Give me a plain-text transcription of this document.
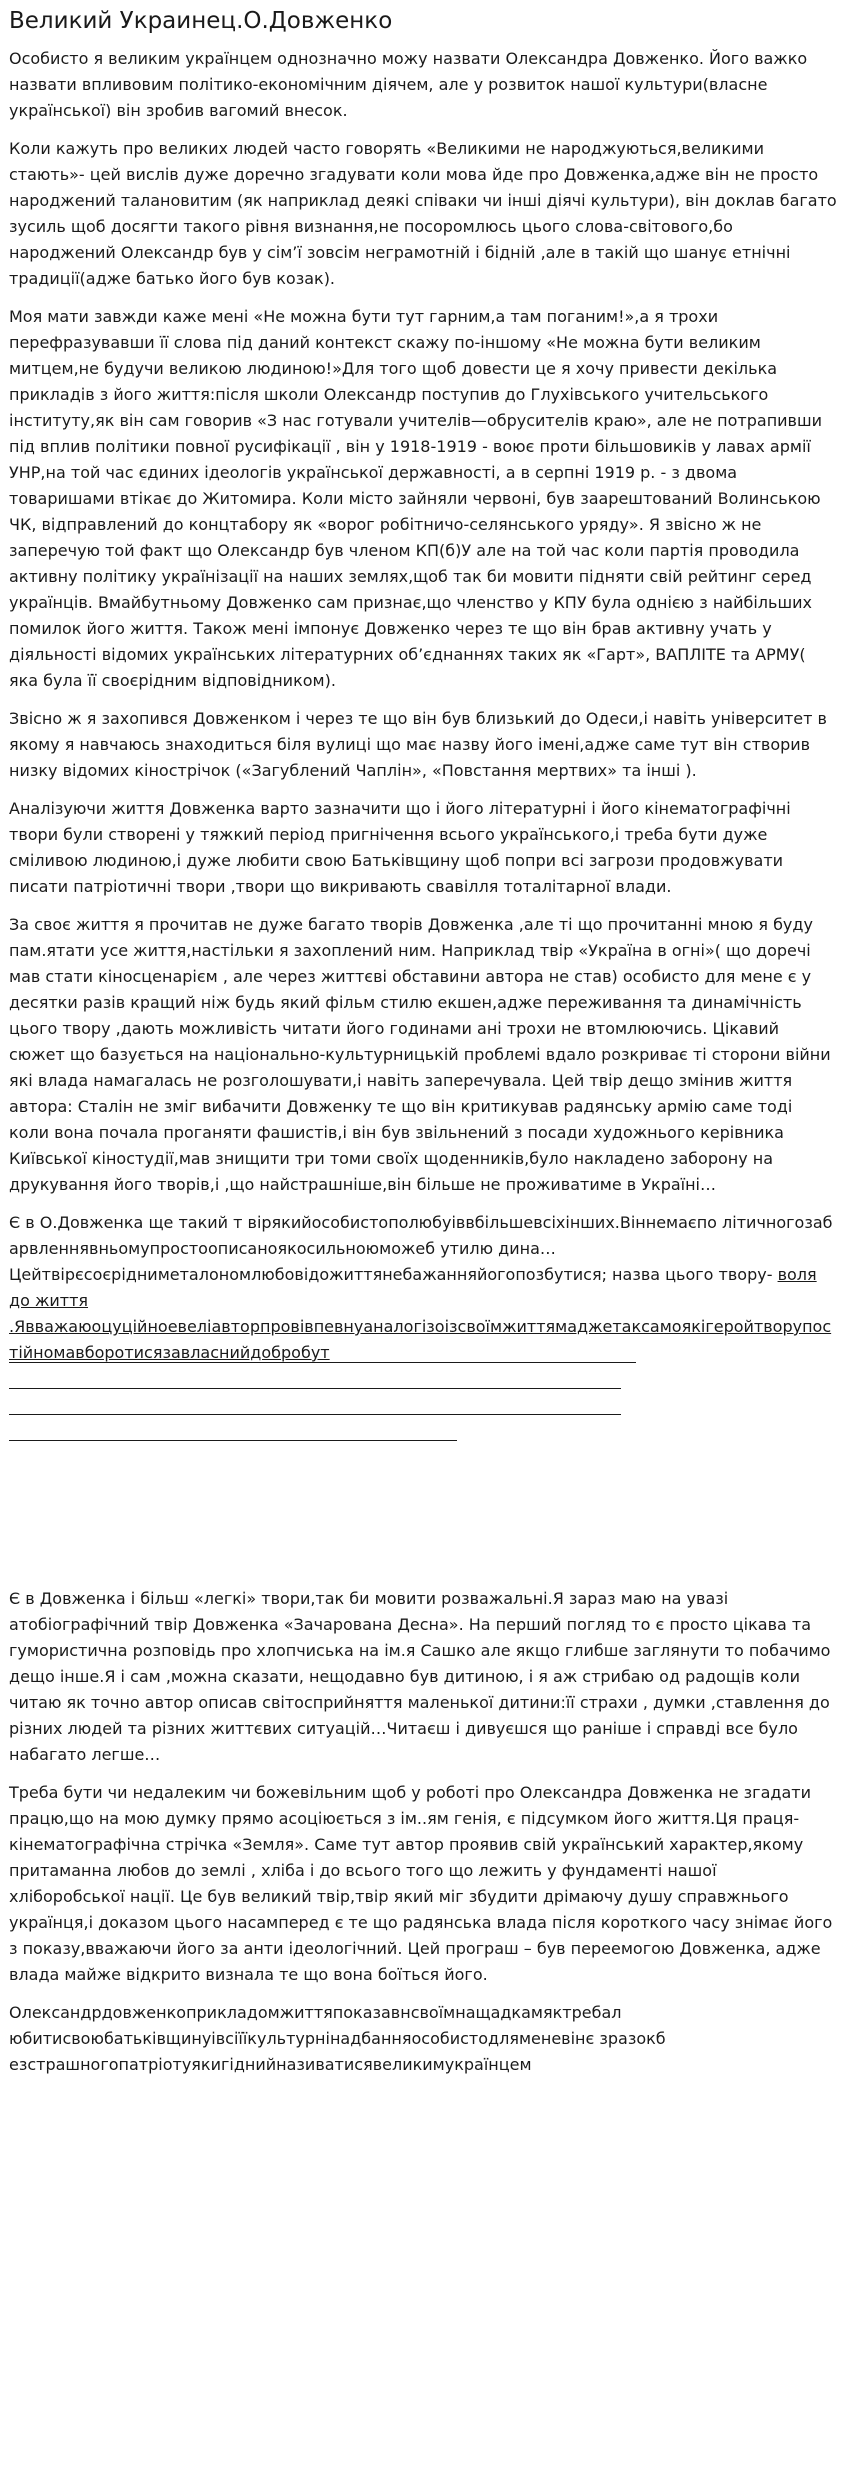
Великий Украинец.О.Довженко

Особисто я великим українцем однозначно можу назвати Олександра Довженко. Його важко назвати впливовим політико-економічним діячем, але у розвиток нашої культури(власне української) він зробив вагомий внесок.

Коли кажуть про великих людей часто говорять «Великими не народжуються,великими стають»- цей вислів дуже доречно згадувати коли мова йде про Довженка,адже він не просто народжений талановитим (як наприклад деякі співаки чи інші діячі культури), він доклав багато зусиль щоб досягти такого рівня визнання,не посоромлюсь цього слова-світового,бо народжений Олександр був у сім’ї зовсім неграмотній і бідній ,але в такій що шанує етнічні традиції(адже батько його був козак).

Моя мати завжди каже мені «Не можна бути тут гарним,а там поганим!»,а я трохи перефразувавши її слова під даний контекст скажу по-іншому «Не можна бути великим митцем,не будучи великою людиною!»Для того щоб довести це я хочу привести декілька прикладів з його життя:після школи Олександр поступив до Глухівського учительського інституту,як він сам говорив «З нас готували учителів—обрусителів краю», але не потрапивши під вплив політики повної русифікації , він у 1918-1919 - воює проти більшовиків у лавах армії УНР,на той час єдиних ідеологів української державності, а в серпні 1919 р. - з двома товаришами втікає до Житомира. Коли місто зайняли червоні, був заарештований Волинською ЧК, відправлений до концтабору як «ворог робітничо-селянського уряду». Я звісно ж не заперечую той факт що Олександр був членом КП(б)У але на той час коли партія проводила активну політику українізації на наших землях,щоб так би мовити підняти свій рейтинг серед українців. Вмайбутньому Довженко сам признає,що членство у КПУ була однією з найбільших помилок його життя. Також мені імпонує Довженко через те що він брав активну учать у діяльності відомих українських літературних об’єднаннях таких як «Гарт», ВАПЛІТЕ та АРМУ( яка була її своєрідним відповідником).

Звісно ж я захопився Довженком і через те що він був близький до Одеси,і навіть університет в якому я навчаюсь знаходиться біля вулиці що має назву його імені,адже саме тут він створив низку відомих кінострічок («Загублений Чаплін», «Повстання мертвих» та інші ).

Аналізуючи життя Довженка варто зазначити що і його літературні і його кінематографічні твори були створені у тяжкий період пригнічення всього українського,і треба бути дуже сміливою людиною,і дуже любити свою Батьківщину щоб попри всі загрози продовжувати писати патріотичні твори ,твори що викривають свавілля тоталітарної влади.

За своє життя я прочитав не дуже багато творів Довженка ,але ті що прочитанні мною я буду пам.ятати усе життя,настільки я захоплений ним. Наприклад твір «Україна в огні»( що доречі мав стати кіносценарієм , але через життєві обставини автора не став) особисто для мене є у десятки разів кращий ніж будь який фільм стилю екшен,адже переживання та динамічність цього твору ,дають можливість читати його годинами ані трохи не втомлюючись. Цікавий сюжет що базується на національно-культурницькій проблемі вдало розкриває ті сторони війни які влада намагалась не розголошувати,і навіть заперечувала. Цей твір дещо змінив життя автора: Сталін не зміг вибачити Довженку те що він критикував радянську армію саме тоді коли вона почала проганяти фашистів,і він був звільнений з посади художнього керівника Київської кіностудії,мав знищити три томи своїх щоденників,було накладено заборону на друкування його творів,і ,що найстрашніше,він більше не проживатиме в Україні…

Є в О.Довженка ще такий т вірякийособистополюбуіввбільшевсіхінших.Віннемаєпо літичногозаб арвленнявньомупростоописаноякосильноюможеб утилю дина…Цейтвірєсоєрідниметалономлюбовідожиттянебажанняйогопозбутися; назва цього твору- воля до життя .Явважаюоцуційноевеліавторпровівпевнуаналогізоізсвоїмжиттямаджетаксамоякігеройтворупостійномавборотисязавласнийдобробут

Є в Довженка і більш «легкі» твори,так би мовити розважальні.Я зараз маю на увазі атобіографічний твір Довженка «Зачарована Десна». На перший погляд то є просто цікава та гумористична розповідь про хлопчиська на ім.я Сашко але якщо глибше заглянути то побачимо дещо інше.Я і сам ,можна сказати, нещодавно був дитиною, і я аж стрибаю од радощів коли читаю як точно автор описав світосприйняття маленької дитини:її страхи , думки ,ставлення до різних людей та різних життєвих ситуацій…Читаєш і дивуєшся що раніше і справді все було набагато легше…

Треба бути чи недалеким чи божевільним щоб у роботі про Олександра Довженка не згадати працю,що на мою думку прямо асоціюється з ім..ям генія, є підсумком його життя.Ця праця-кінематографічна стрічка «Земля». Саме тут автор проявив свій український характер,якому притаманна любов до землі , хліба і до всього того що лежить у фундаменті нашої хліборобської нації. Це був великий твір,твір який міг збудити дрімаючу душу справжнього українця,і доказом цього насамперед є те що радянська влада після короткого часу знімає його з показу,вважаючи його за анти ідеологічний. Цей програш – був переемогою Довженка, адже влада майже відкрито визнала те що вона боїться його.

Олександрдовженкоприкладомжиттяпоказавнсвоїмнащадкамяктребал юбитисвоюбатьківщинуівсіїїкультурнінадбанняособистодляменевінє зразокб езстрашногопатріотуякигіднийназиватисявеликимукраїнцем
